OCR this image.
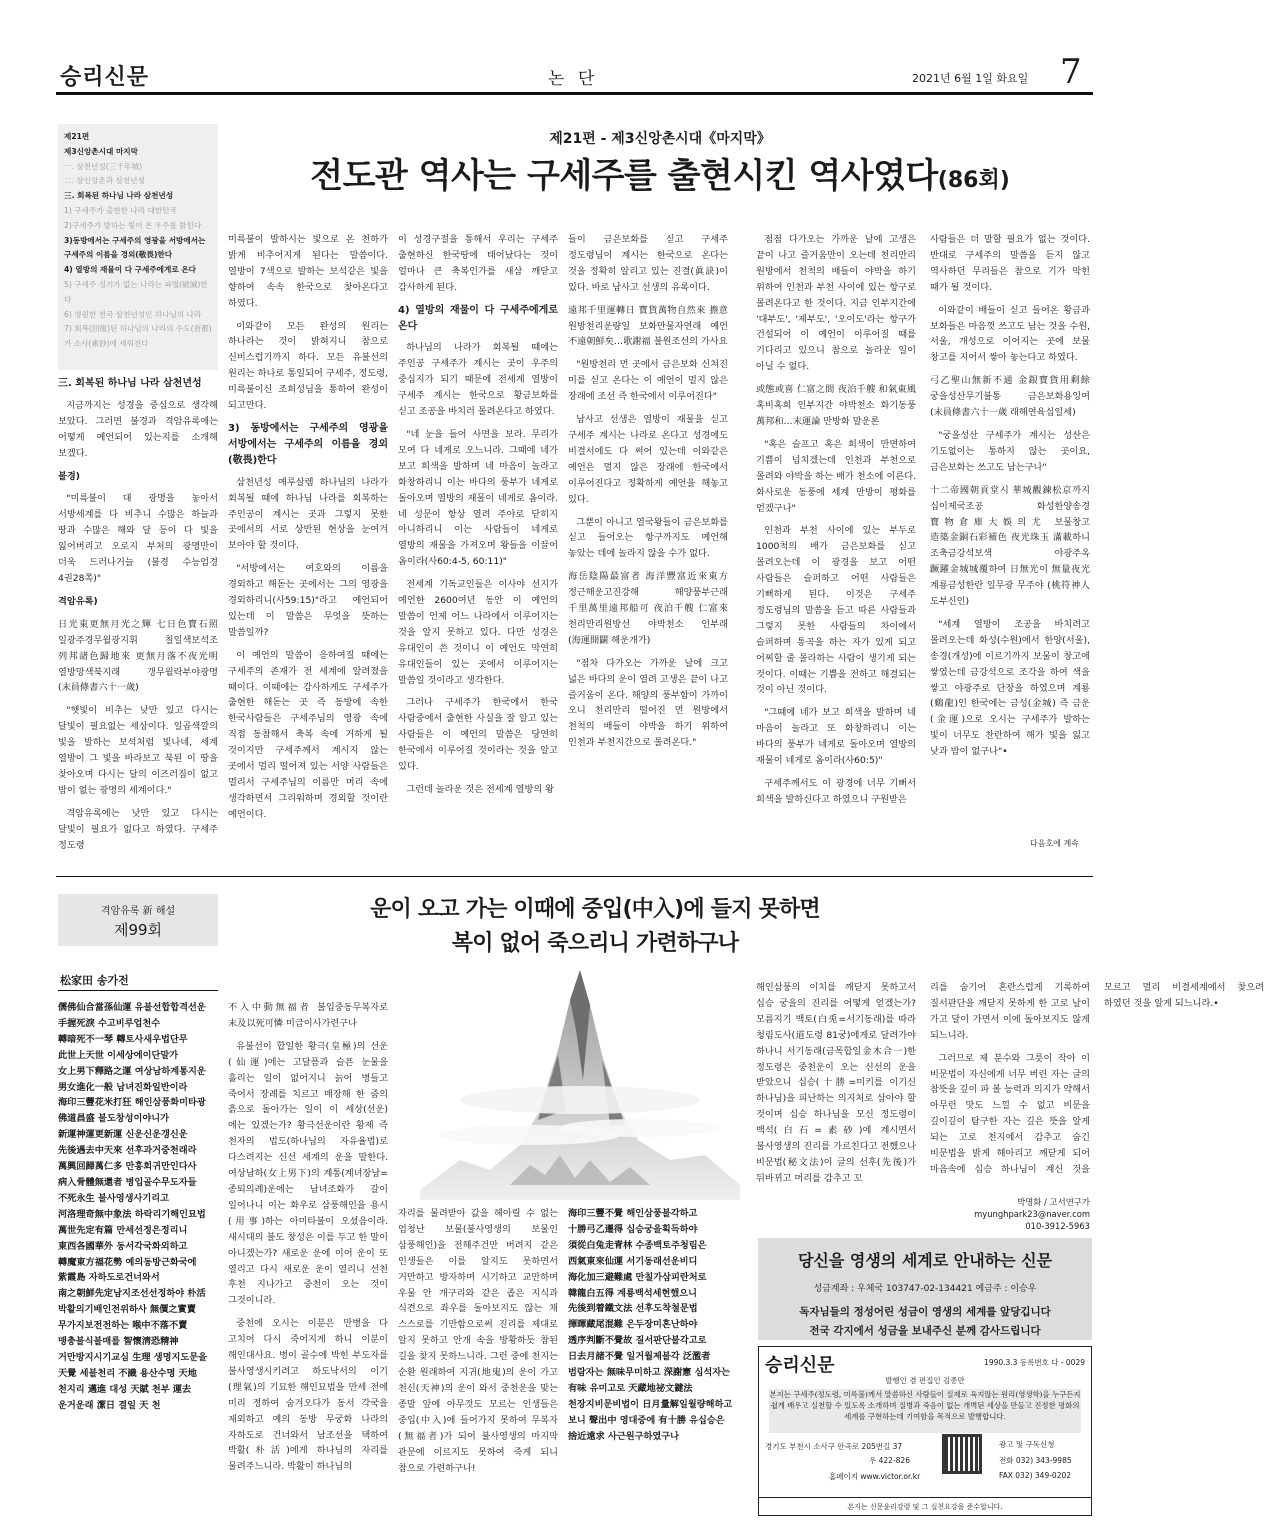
승리신문	논 단	2021년 6월 1일 화요일 7
제21편
제3신앙촌시대 마지막
一. 삼천년성(三千年城)
二. 삼신앙촌과 삼천년성
三. 회복된 하나님 나라 삼천년성
1) 구세주가 출현한 나라 대한민국
2)구세주가 발하는 빛이 온 우주를 밝힌다
3)동방에서는 구세주의 영광을 서방에서는 구세주의 이름을 경외(敬畏)한다
4) 열방의 재물이 다 구세주에게로 온다
5) 구세주 성기가 없는 나라는 파멸(破滅)한다
6) 영원한 천국 삼천년성인 하나님의 나라
7) 회복(回復)된 하나님의 나라의 수도(首都)가 소사(素砂)에 세워진다
제21편 - 제3신앙촌시대《마지막》
전도관 역사는 구세주를 출현시킨 역사였다(86회)

三. 회복된 하나님 나라 삼천년성

지금까지는 성경을 중심으로 생각해 보았다. 그러면 불경과 격암유록에는 어떻게 예언되어 있는지를 소개해 보겠다.

불경)

"미륵불이 대 광명을 놓아서 서방세계를 다 비추니 수많은 하늘과 땅과 수많은 해와 달 등이 다 빛을 잃어버리고 오로지 부처의 광명만이 더욱 드러나거늘 (불경 수능엄경 4권28쪽)"

격암유록)

日光東更無月光之輝 七日色寶石照 일광주경무월광지휘 칠일색보석조 列邦諸色歸地來 更無月落不夜光明 열방망색북지래 갱무월락부야광명 (末員條書六十一歲)

"햇빛이 비추는 낮만 있고 다시는 달빛이 필요없는 세상이다. 일곱색깔의 빛을 발하는 보석처럼 빛나네, 세계 열방이 그 빛을 바라보고 북된 이 땅을 찾아오며 다시는 달의 이즈러짐이 없고 밤이 없는 광명의 세계이다."

격암유록에는 낮만 있고 다시는 달빛이 필요가 없다고 하였다. 구세주 정도령

미륵불이 발하시는 빛으로 온 천하가 밝게 비추어지게 된다는 말씀이다. 열방이 7색으로 발하는 보석같은 빛을 향하여 속속 한국으로 찾아온다고 하였다.

이와같이 모든 완성의 원리는 하나라는 것이 밝혀지니 참으로 신비스럽기까지 하다. 모든 유불선의 원리는 하나로 통일되어 구세주, 정도령, 미륵불이신 조희성님을 통하여 완성이 되고만다.

3) 동방에서는 구세주의 영광을 서방에서는 구세주의 이름을 경외(敬畏)한다

삼천년성 예루살렘 하나님의 나라가 회복될 때에 하나님 나라를 회복하는 주인공이 계시는 곳과 그렇지 못한 곳에서의 서로 상반된 현상을 눈여겨 보아야 할 것이다.

"서방에서는 여호와의 이름을 경외하고 해돋는 곳에서는 그의 영광을 경외하리니(사59:15)"라고 예언되어 있는데 이 말씀은 무엇을 뜻하는 말씀일까?

이 예언의 말씀이 응하여질 때에는 구세주의 존재가 전 세계에 알려졌을 때이다. 이때에는 감사하게도 구세주가 출현한 해돋는 곳 즉 동방에 속한 한국사람들은 구세주님의 영광 속에 직접 동참해서 축복 속에 거하게 될 것이지만 구세주께서 계시지 않는 곳에서 멀리 떨어져 있는 서양 사람들은 멀리서 구세주님의 이름만 머리 속에 생각하면서 그리워하며 경외할 것이란 예언이다.

이 성경구절을 통해서 우리는 구세주 출현하신 한국땅에 태어났다는 것이 얼마나 큰 축복인가를 새삼 깨닫고 감사하게 된다.

4) 열방의 재물이 다 구세주에게로 온다

하나님의 나라가 회복될 때에는 주인공 구세주가 계시는 곳이 우주의 중심지가 되기 때문에 전세계 열방이 구세주 계시는 한국으로 황금보화를 싣고 조공을 바치러 몰려온다고 하였다.

"네 눈을 들어 사면을 보라. 무리가 모여 다 네게로 오느니라. 그때에 네가 보고 희색을 발하며 네 마음이 놀라고 화창하리니 이는 바다의 풍부가 네게로 돌아오며 열방의 재물이 네게로 옴이라. 네 성문이 항상 열려 주야로 닫히지 아니하리니 이는 사람들이 네게로 열방의 재물을 가져오며 왕들을 이끌어 옴이라(사60:4-5, 60:11)"

전세계 기독교인들은 이사야 선지가 예언한 2600여년 동안 이 예언의 말씀이 언제 어느 나라에서 이루어지는 것을 알지 못하고 있다. 다만 성경은 유대인이 쓴 것이니 이 예언도 막연히 유대인들이 있는 곳에서 이루어지는 말씀일 것이라고 생각한다.

그러나 구세주가 한국에서 한국 사람중에서 출현한 사실을 잘 알고 있는 사람들은 이 예언의 말씀은 당연히 한국에서 이루어질 것이라는 것을 알고 있다.

그런데 놀라운 것은 전세계 열방의 왕

들이 금은보화를 싣고 구세주 정도령님이 계시는 한국으로 온다는 것을 정확히 알리고 있는 진결(眞訣)이 있다. 바로 남사고 선생의 유록이다.

遠邦千里運轉日 寶貨萬物自然來 擔意 원방천리운량일 보화만물자연래 예언 不遠朝鮮矣…歌謝福 불원조선의 가사요

"원방천리 먼 곳에서 금은보화 신쳐진 미를 싣고 온다는 이 예언이 멀지 않은 장래에 조선 즉 한국에서 이루어진다"

남사고 선생은 열방이 재물을 싣고 구세주 계시는 나라로 온다고 성경에도 비결서에도 다 써어 있는데 이와같은 예언은 멀지 않은 장래에 한국에서 이루어진다고 정확하게 예언을 해놓고 있다.

그뿐이 아니고 열국왕들이 금은보화를 싣고 들어오는 항구까지도 예언해 놓았는 데에 놀라지 않을 수가 없다.

海岳陰陽最富者 海洋豐富近來東方 정근해운고진강해 해양풍부근래 千里萬里遠邦船可 夜泊千艘 仁富來 천리만리원방선 야박천소 인부래 (海運開闢 해운개가)

"점차 다가오는 가까운 날에 크고 넓은 바다의 운이 열려 고생은 끝이 나고 즐거움이 온다. 해양의 풍부함이 가까이 오니 천리만리 떨어진 먼 원방에서 천척의 배들이 야박을 하기 위하여 인천과 부천지간으로 몰려온다."

점점 다가오는 가까운 날에 고생은 끝이 나고 즐거움만이 오는데 천리만리 원방에서 천척의 배들이 야박을 하기 위하여 인천과 부천 사이에 있는 항구로 몰려온다고 한 것이다. 지금 인부지간에 '대부도', '제부도', '오이도'라는 항구가 건설되어 이 예언이 이루어질 때를 기다리고 있으니 참으로 놀라운 일이 아닐 수 없다.

或態或喜 仁富之間 夜泊千艘 和氣東風 혹비혹희 인부지간 야박천소 화기동풍 萬邦和…末運論 만방화 말운론

"혹은 슬프고 혹은 희색이 만면하여 기쁨이 넘치겠는데 인천과 부천으로 몰려와 야박을 하는 배가 천소에 이른다. 화사로운 동풍에 세계 만방이 평화를 얻겠구나"

인천과 부천 사이에 있는 부두로 1000척의 배가 금은보화를 싣고 몰려오는데 이 광경을 보고 어떤 사람들은 슬퍼하고 어떤 사람들은 기뻐하게 된다. 이것은 구세주 정도령님의 말씀을 듣고 따른 사람들과 그렇지 못한 사람들의 차이에서 슬퍼하며 통곡을 하는 자가 있게 되고 어찌할 줄 몰라하는 사람이 생기게 되는 것이다. 이때는 기쁨을 전하고 해결되는 것이 아닌 것이다.

"그때에 네가 보고 희색을 발하며 네 마음이 놀라고 또 화창하리니 이는 바다의 풍부가 네게로 돌아오며 열방의 재물이 네게로 옴이라(사60:5)"

구세주께서도 이 광경에 너무 기뻐서 희색을 발하신다고 하였으니 구원받은

사람들은 더 말할 필요가 없는 것이다. 반대로 구세주의 말씀을 듣지 않고 역사하던 무리들은 참으로 기가 막힌 때가 될 것이다.

이와같이 배들이 싣고 들어온 황금과 보화들은 마음껏 쓰고도 남는 것을 수원, 서울, 개성으로 이어지는 곳에 보물 창고를 지어서 쌓아 놓는다고 하였다.

弓乙聖山無新不通 金銀寶貨用剩餘 궁을성산무기불통 금은보화용잉여 (末員條書六十一歲 래해연육십일세)

"궁을성산 구세주가 계시는 성산은 기도없이는 통하지 않는 곳이요, 금은보화는 쓰고도 남는구나"

十二帝國朝貢堂시 華城觀鍊松京까지 십이제국조공 화성한양송경 寶物倉庫大娛의尤 보물창고 造築金銅石彩補色 夜光珠玉 滿載하니 조축금강석보색 야광주옥 蹶躍金城城覆하여 日無光이 無量夜光 계룡금성한란 일무광 무주야 (桃符神人 도부신인)

"세계 열방이 조공을 바치려고 몰려오는데 화성(수원)에서 한양(서울), 송경(개성)에 이르기까지 보물이 창고에 쌓였는데 금강석으로 조각을 하여 색을 쌓고 야광주로 단장을 하였으며 계룡(鷄龍)인 한국에는 금성(金城) 즉 금운(金運)으로 오시는 구세주가 발하는 빛이 너무도 찬란하여 해가 빛을 잃고 낮과 밤이 없구나"•

다음호에 계속
격암유록 新 해설
제99회
운이 오고 가는 이때에 중입(中入)에 들지 못하면
복이 없어 죽으리니 가련하구나
松家田 송가전
儒佛仙合當孫仙運 유불선합합격선운 手握死淚 수고비루업천수 轉暗死不一琴 轉토사새우법단무 此世上天世 이세상에이단말가 女上男下釋路之運 여상남하계통지운 男女進化一般 남녀진화일반이라 海印三豐花米打狂 해인삼풍화미타광 佛道昌盛 불도창성이야니가 新運神運更新運 신운신운갱신운 先後遇去中天來 선후과거중천래라 萬興回歸萬仁多 만흥회귀만인다사 病入骨體無還者 병입골수무도자들 不死永生 불사영생사기리고 河洛理奇無中象法 하락리기해인묘법 萬世先定有篇 만세선정은정리니 東西各國華外 동서각국화외하고 轉魔東方福花勢 예의동방근화국에 紫霞島 자하도로건너와서 南之朝鮮先定남지조선선정하야 朴活 박활의기배인전위하사 無價之實賣 무가지보전전하는 喉中不落不賣 맹충불식불매를 智懷淸恐精神 거만방지시기교심 生理 생명지도문을 天覺 세불천리 不識 용산수명 天地 천지리 邁進 대성 天賦 천부 運去 운거운래 潔日 결일 天 천

不入中動無福者 불입중동무복자로 末及以死可憐 미급이사가련구나

유불선이 합일한 황극(皇極)의 선운(仙運)에는 고달픔과 슬픈 눈물을 흘리는 일이 없어지니 늙어 병들고 죽어서 장례를 치르고 매장해 한 줌의 흙으로 돌아가는 일이 이 세상(선운)에는 있겠는가? 황극선운이란 황제 즉 천자의 법도(하나님의 자유율법)로 다스려지는 신선 세계의 운을 말한다. 여상남하(女上男下)의 계통(계녀장남=종퇴의례)운에는 남녀조화가 갈이 일어나니 이는 화우로 삼풍해인을 용시(用事)하는 아미타불이 오셨음이라. 새시대의 불도 창성은 이를 두고 한 말이 아니겠는가? 새로운 운에 이어 운이 또 열리고 다시 새로운 운이 열리니 선천 후천 지나가고 중천이 오는 것이 그것이니라.

중천에 오시는 이분은 만병을 다 고치어 다시 죽어지게 하니 이분이 해인대사요. 병이 골수에 박힌 부도자를 불사영생시키려고 하도낙서의 이기(理氣)의 기묘한 해인묘법을 만세 전에 미리 정하여 숨겨오다가 동서 각국을 제외하고 예의 동방 무궁화 나라의 자하도로 건너와서 남조선을 택하여 박활(朴活)에게 하나님의 자리를 물려주느니라. 박활이 하나님의

자리를 물려받아 값을 헤아릴 수 없는 엄청난 보물(불사영생의 보물인 삼풍해인)을 전해주건만 버려지 같은 인생들은 이를 알지도 못하면서 거만하고 방자하며 시기하고 교만하며 우물 안 개구리와 같은 좁은 지식과 식견으로 좌우를 돌아보지도 않는 채 스스로를 기만함으로써 진리를 제대로 알지 못하고 안개 속을 방황하듯 참된 길을 찾지 못하느니라. 그런 중에 천지는 순환 원래하여 지귀(地鬼)의 운이 가고 천신(天神)의 운이 와서 중천운을 맞는 종말 앞에 아무것도 모르는 인생들은 중입(中入)에 들어가지 못하여 무복자(無福者)가 되어 불사영생의 마지막 관문에 이르지도 못하여 죽게 되니 참으로 가련하구나!

海印三豐不覺 해인삼풍불각하고 十勝弓乙遷得 십승궁을획득하야 須從白兔走青林 수종백토주청림은 西氣東來仙運 서기동래선운비디 海化加三避難處 만칠가삼피란처로 韓龍白五得 계룡백석세현했으니 先後到着鐵文法 선후도착철문법 揮暉藏尾混難 은두장미혼난하야 透序判斷不覺故 질서판단불각고로 日去月諸不覺 일거월제불각 泛濫者 범람자는 無味무미하고 深謝憲 심석자는 有味 유미고로 天藏地祕文鍵法 천장지비문비법이 日月量解일월량해하고 보니 聲出中 영대중에 有十勝 유십승은 捨近遠求 사근원구하였구나

해인삼풍의 이치를 깨닫지 못하고서 십승 궁을의 진리를 어떻게 얻겠는가? 모름지기 백토(白兎=서기동래)를 따라 청림도사(道도령 81궁)에게로 달려가야 하나니 서기동래(금목합일金木合一)한 정도령은 중천운이 오는 신선의 운을 받았으니 십승(十勝=미키를 이기신 하나님)을 피난하는 의지처로 삼아야 할 것이며 십승 하나님을 모신 정도령이 백석(白石=素砂)에 계시면서 불사영생의 진리를 가르친다고 전했으나 비문법(秘文法)이 글의 선후(先後)가 뒤바뀌고 머리를 감추고 꼬

리를 숨기어 혼란스럽게 기록하여 질서판단을 깨닫지 못하게 한 고로 날이 가고 달이 가면서 이에 돌아보지도 않게 되느니라.

그러므로 제 분수와 그릇이 작아 이 비문법이 자신에게 너무 버린 자는 글의 참뜻을 깊이 파 볼 능력과 의지가 약해서 아무런 맛도 느낄 수 없고 비문을 깊이깊이 탐구한 자는 깊은 뜻을 알게 되는 고로 천지에서 감추고 숨긴 비문법을 밝게 해아리고 깨닫게 되어 마음속에 십승 하나님이 계신 것을 모르고 멀리 비결세계에서 찾으려 하였던 것을 알게 되느니라.•

박명화 / 고서연구가
myunghpark23@naver.com
010-3912-5963
당신을 영생의 세계로 안내하는 신문
성금계좌 : 우체국 103747-02-134421 예금주 : 이승우
독자님들의 정성어린 성금이 영생의 세계를 앞당깁니다
전국 각지에서 성금을 보내주신 분께 감사드립니다
승리신문	1990.3.3 등록번호 다 - 0029
발행인 겸 편집인 김종만
본지는 구세주(정도령, 미륵불)께서 말씀하신 사람들이 실제로 육지않는 원리(영생학)을 누구든지 쉽게 배우고 실천할 수 있도록 소개하며 질병과 죽음이 없는 개벽된 세상을 만들고 진정한 평화의 세계를 구현하는데 기여함을 목적으로 발행합니다.
경기도 부천시 소사구 안곡로 205번길 37
우 422-826
홈페이지 www.victor.or.kr
광고 및 구독신청
전화 032) 343-9985
FAX 032) 349-0202
본지는 신문윤리강령 및 그 실천요강을 준수합니다.
